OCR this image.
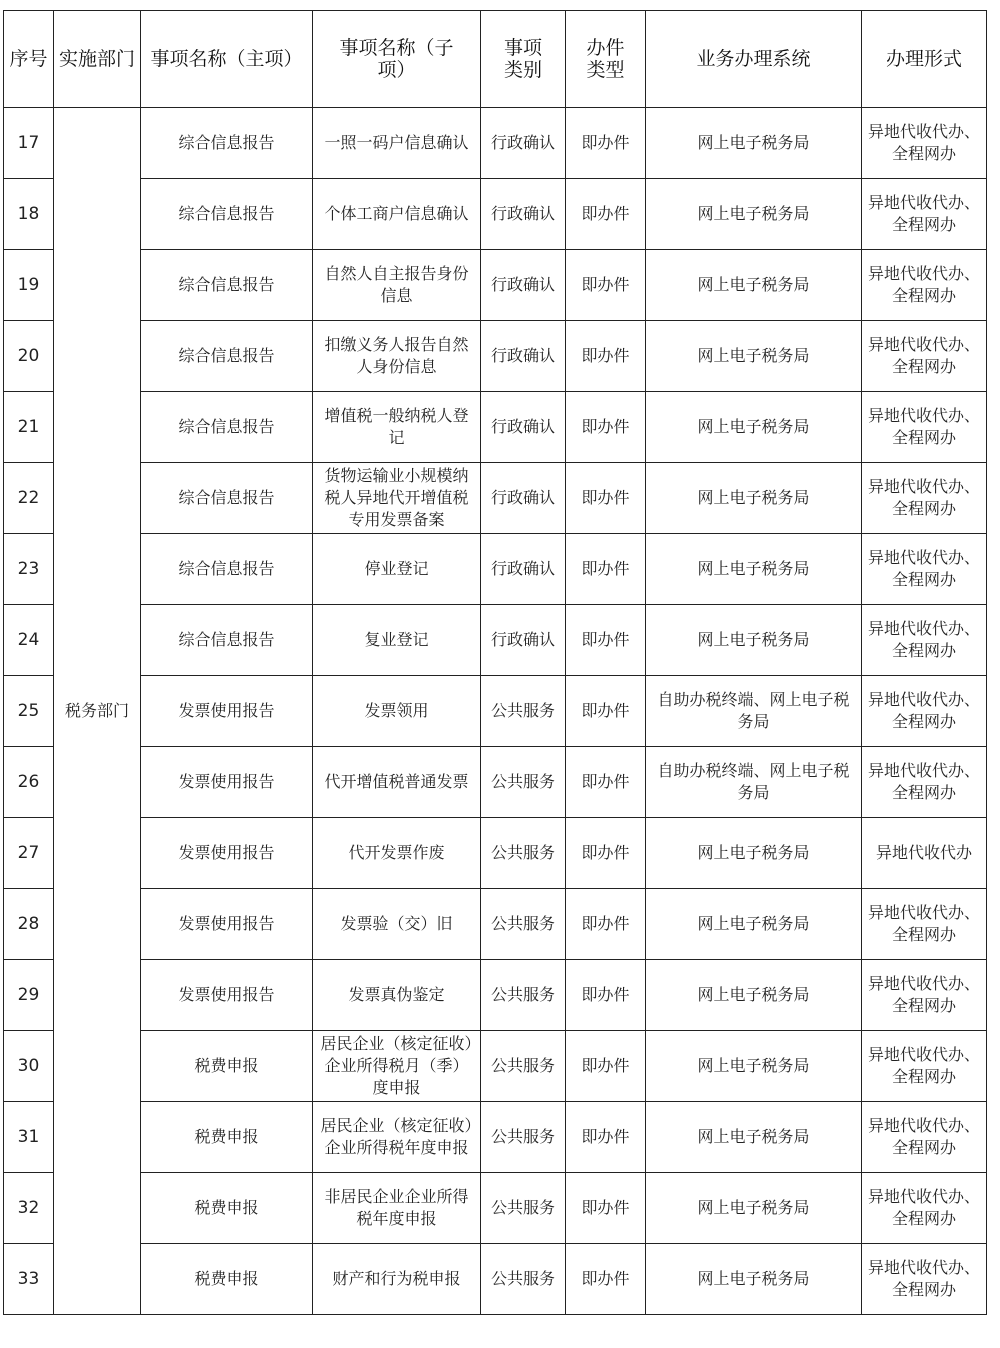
序号	实施部门	事项名称（主项）	事项名称（子项）	事项类别	办件类型	业务办理系统	办理形式
17	税务部门	综合信息报告	一照一码户信息确认	行政确认	即办件	网上电子税务局	异地代收代办、全程网办
18		综合信息报告	个体工商户信息确认	行政确认	即办件	网上电子税务局	异地代收代办、全程网办
19		综合信息报告	自然人自主报告身份信息	行政确认	即办件	网上电子税务局	异地代收代办、全程网办
20		综合信息报告	扣缴义务人报告自然人身份信息	行政确认	即办件	网上电子税务局	异地代收代办、全程网办
21		综合信息报告	增值税一般纳税人登记	行政确认	即办件	网上电子税务局	异地代收代办、全程网办
22		综合信息报告	货物运输业小规模纳税人异地代开增值税专用发票备案	行政确认	即办件	网上电子税务局	异地代收代办、全程网办
23		综合信息报告	停业登记	行政确认	即办件	网上电子税务局	异地代收代办、全程网办
24		综合信息报告	复业登记	行政确认	即办件	网上电子税务局	异地代收代办、全程网办
25		发票使用报告	发票领用	公共服务	即办件	自助办税终端、网上电子税务局	异地代收代办、全程网办
26		发票使用报告	代开增值税普通发票	公共服务	即办件	自助办税终端、网上电子税务局	异地代收代办、全程网办
27		发票使用报告	代开发票作废	公共服务	即办件	网上电子税务局	异地代收代办
28		发票使用报告	发票验（交）旧	公共服务	即办件	网上电子税务局	异地代收代办、全程网办
29		发票使用报告	发票真伪鉴定	公共服务	即办件	网上电子税务局	异地代收代办、全程网办
30		税费申报	居民企业（核定征收）企业所得税月（季）度申报	公共服务	即办件	网上电子税务局	异地代收代办、全程网办
31		税费申报	居民企业（核定征收）企业所得税年度申报	公共服务	即办件	网上电子税务局	异地代收代办、全程网办
32		税费申报	非居民企业企业所得税年度申报	公共服务	即办件	网上电子税务局	异地代收代办、全程网办
33		税费申报	财产和行为税申报	公共服务	即办件	网上电子税务局	异地代收代办、全程网办
